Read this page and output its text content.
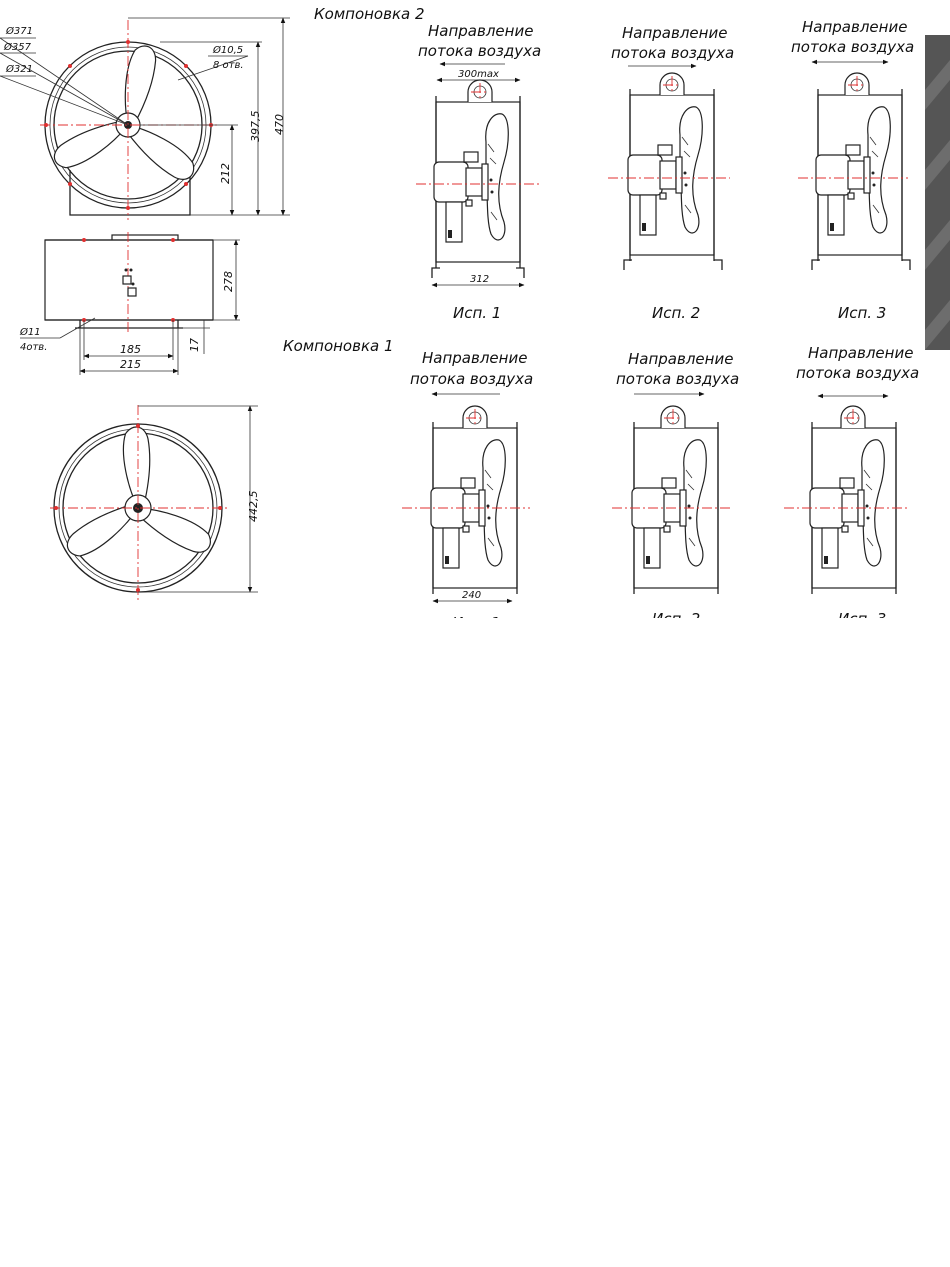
Ø371
Ø357
Ø321
Ø10,5
8 отв.
397,5 470
212
Компоновка 2
278
17
185
215
Ø11
4отв.	Компоновка 1
442,5
Направление
потока воздуха
300max
312
Исп. 1
Направление
потока воздуха
Исп. 2
Направление
потока воздуха
Исп. 3
Направление
потока воздуха
240
Направление
потока воздуха
Направление
потока воздуха
